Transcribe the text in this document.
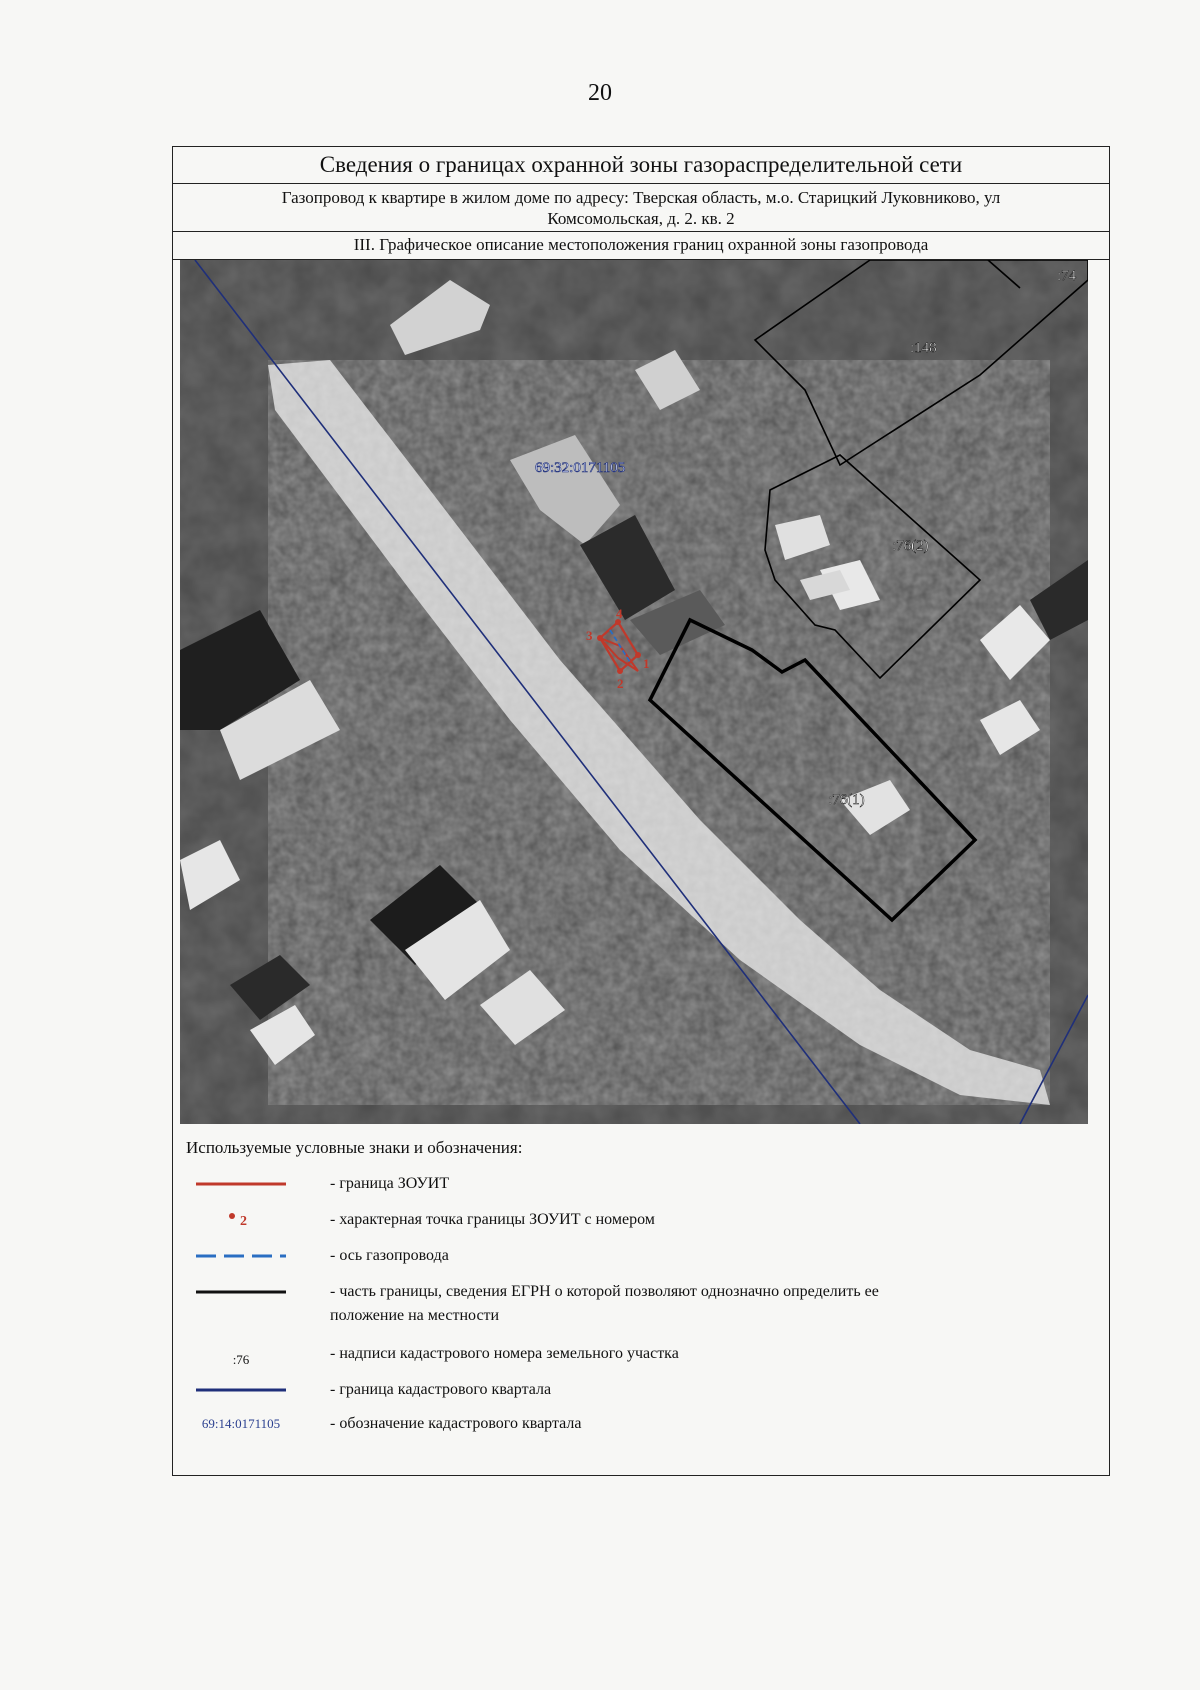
20
Сведения о границах охранной зоны газораспределительной сети
Газопровод к квартире в жилом доме по адресу: Тверская область, м.о. Старицкий Луковниково, ул
Комсомольская, д. 2. кв. 2
III. Графическое описание местоположения границ охранной зоны газопровода
1
2
3
4
69:32:0171105
:74
:148
:76(2)
:76(1)
Используемые условные знаки и обозначения:
- граница ЗОУИТ
2	- характерная точка границы ЗОУИТ с номером
- ось газопровода
- часть границы, сведения ЕГРН о которой позволяют однозначно определить ее
положение на местности
:76	- надписи кадастрового номера земельного участка
- граница кадастрового квартала
69:14:0171105	- обозначение кадастрового квартала
